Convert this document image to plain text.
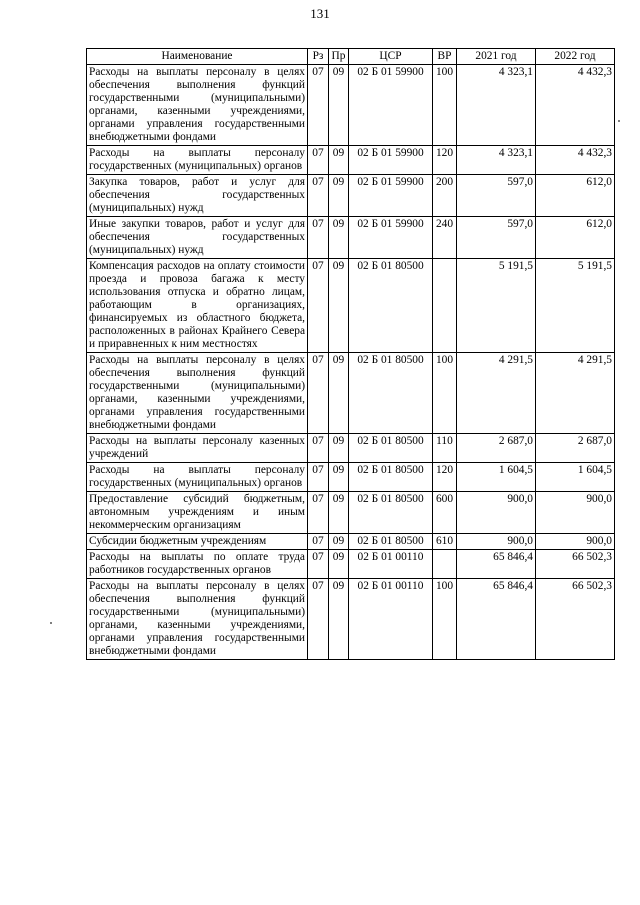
131
Наименование	Рз	Пр	ЦСР	ВР	2021 год	2022 год
Расходы на выплаты персоналу в целях обеспечения выполнения функций государственными (муниципальными) органами, казенными учреждениями, органами управления государственными внебюджетными фондами	07	09	02 Б 01 59900	100	4 323,1	4 432,3
Расходы на выплаты персоналу государственных (муниципальных) органов	07	09	02 Б 01 59900	120	4 323,1	4 432,3
Закупка товаров, работ и услуг для обеспечения государственных (муниципальных) нужд	07	09	02 Б 01 59900	200	597,0	612,0
Иные закупки товаров, работ и услуг для обеспечения государственных (муниципальных) нужд	07	09	02 Б 01 59900	240	597,0	612,0
Компенсация расходов на оплату стоимости проезда и провоза багажа к месту использования отпуска и обратно лицам, работающим в организациях, финансируемых из областного бюджета, расположенных в районах Крайнего Севера и приравненных к ним местностях	07	09	02 Б 01 80500		5 191,5	5 191,5
Расходы на выплаты персоналу в целях обеспечения выполнения функций государственными (муниципальными) органами, казенными учреждениями, органами управления государственными внебюджетными фондами	07	09	02 Б 01 80500	100	4 291,5	4 291,5
Расходы на выплаты персоналу казенных учреждений	07	09	02 Б 01 80500	110	2 687,0	2 687,0
Расходы на выплаты персоналу государственных (муниципальных) органов	07	09	02 Б 01 80500	120	1 604,5	1 604,5
Предоставление субсидий бюджетным, автономным учреждениям и иным некоммерческим организациям	07	09	02 Б 01 80500	600	900,0	900,0
Субсидии бюджетным учреждениям	07	09	02 Б 01 80500	610	900,0	900,0
Расходы на выплаты по оплате труда работников государственных органов	07	09	02 Б 01 00110		65 846,4	66 502,3
Расходы на выплаты персоналу в целях обеспечения выполнения функций государственными (муниципальными) органами, казенными учреждениями, органами управления государственными внебюджетными фондами	07	09	02 Б 01 00110	100	65 846,4	66 502,3
